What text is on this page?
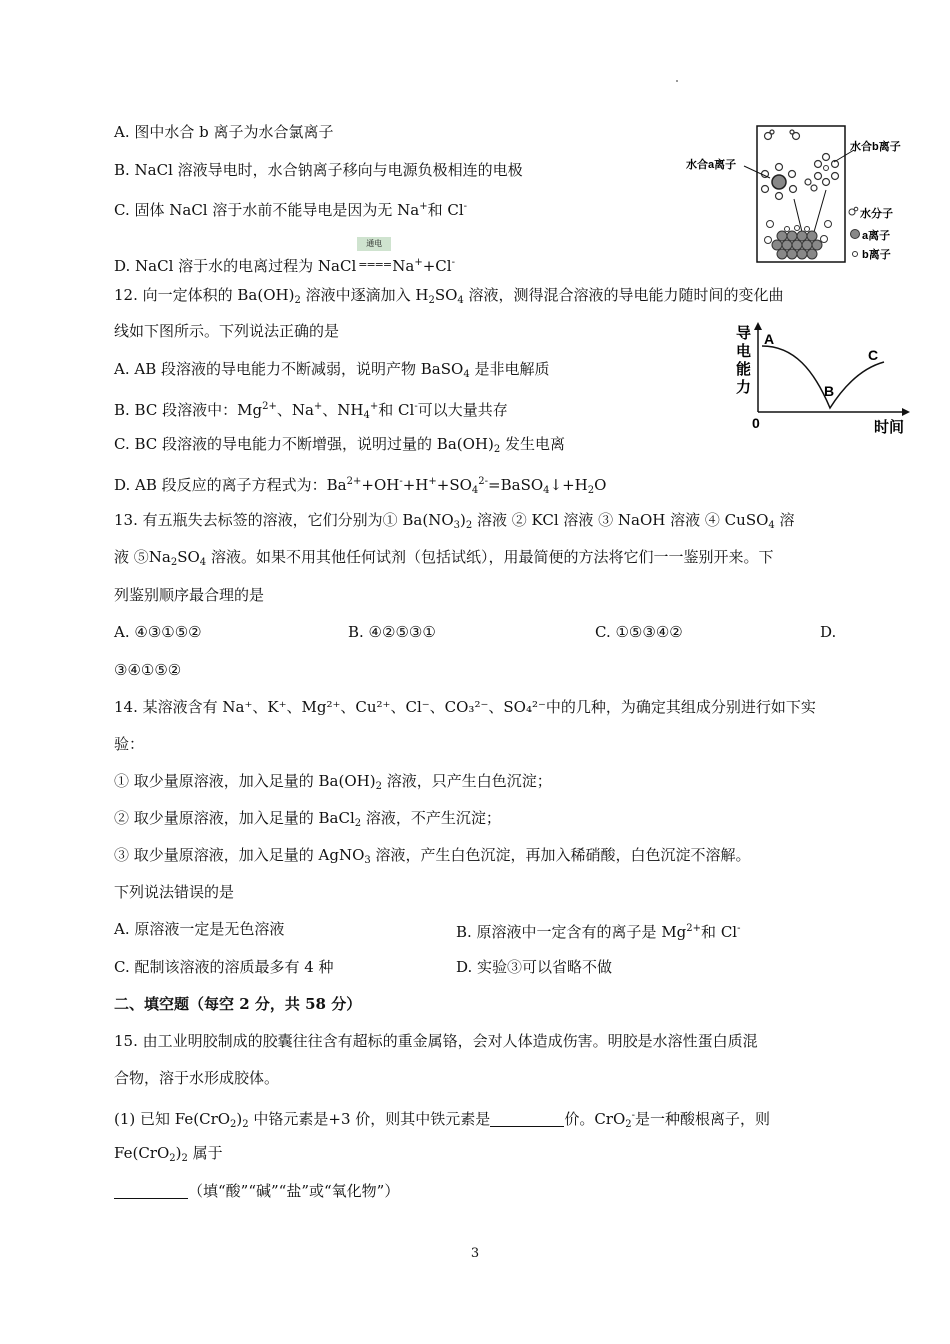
A. 图中水合 b 离子为水合氯离子
B. NaCl 溶液导电时，水合钠离子移向与电源负极相连的电极
C. 固体 NaCl 溶于水前不能导电是因为无 Na+和 Cl-
D. NaCl 溶于水的电离过程为 NaCl
通电
==== Na++Cl-
水合a离子
水合b离子
水分子
a离子
b离子
12. 向一定体积的 $Ba(OH)_2$ 溶液中逐滴加入 $H_2SO_4$ 溶液，测得混合溶液的导电能力随时间的变化曲
线如下图所示。下列说法正确的是
A. AB 段溶液的导电能力不断减弱，说明产物 BaSO$_4$ 是非电解质
B. BC 段溶液中：$Mg^{2+}$、Na+、$NH_4^+$和 Cl-可以大量共存
C. BC 段溶液的导电能力不断增强，说明过量的 $Ba(OH)_2$ 发生电离
D. AB 段反应的离子方程式为：$Ba^{2+}+OH^-+H^++SO_4^{2-}=BaSO_4↓+H_2O$
导
电
能
力
0	时间
A
B
C
13. 有五瓶失去标签的溶液，它们分别为① $Ba(NO_3)_2$ 溶液 ② KCl 溶液 ③ NaOH 溶液 ④ CuSO$_4$ 溶
液 $⑤Na_2SO_4$ 溶液。如果不用其他任何试剂（包括试纸），用最简便的方法将它们一一鉴别开来。下
列鉴别顺序最合理的是
A. ④③①⑤②	B. ④②⑤③①	C. ①⑤③④②	D.
③④①⑤②
14. 某溶液含有 Na⁺、K⁺、Mg²⁺、Cu²⁺、Cl⁻、CO₃²⁻、SO₄²⁻中的几种，为确定其组成分别进行如下实
验：
① 取少量原溶液，加入足量的 $Ba(OH)_2$ 溶液，只产生白色沉淀；
② 取少量原溶液，加入足量的 BaCl$_2$ 溶液，不产生沉淀；
③ 取少量原溶液，加入足量的 AgNO$_3$ 溶液，产生白色沉淀，再加入稀硝酸，白色沉淀不溶解。
下列说法错误的是
A. 原溶液一定是无色溶液	B. 原溶液中一定含有的离子是 $Mg^{2+}$和 Cl-
C. 配制该溶液的溶质最多有 4 种	D. 实验③可以省略不做
二、填空题（每空 2 分，共 58 分）
15. 由工业明胶制成的胶囊往往含有超标的重金属铬，会对人体造成伤害。明胶是水溶性蛋白质混
合物，溶于水形成胶体。
(1) 已知 $Fe(CrO_2)_2$ 中铬元素是+3 价，则其中铁元素是	价。CrO$_2$-是一种酸根离子，则
$Fe(CrO_2)_2$ 属于
（填“酸”“碱”“盐”或“氧化物”）
3
